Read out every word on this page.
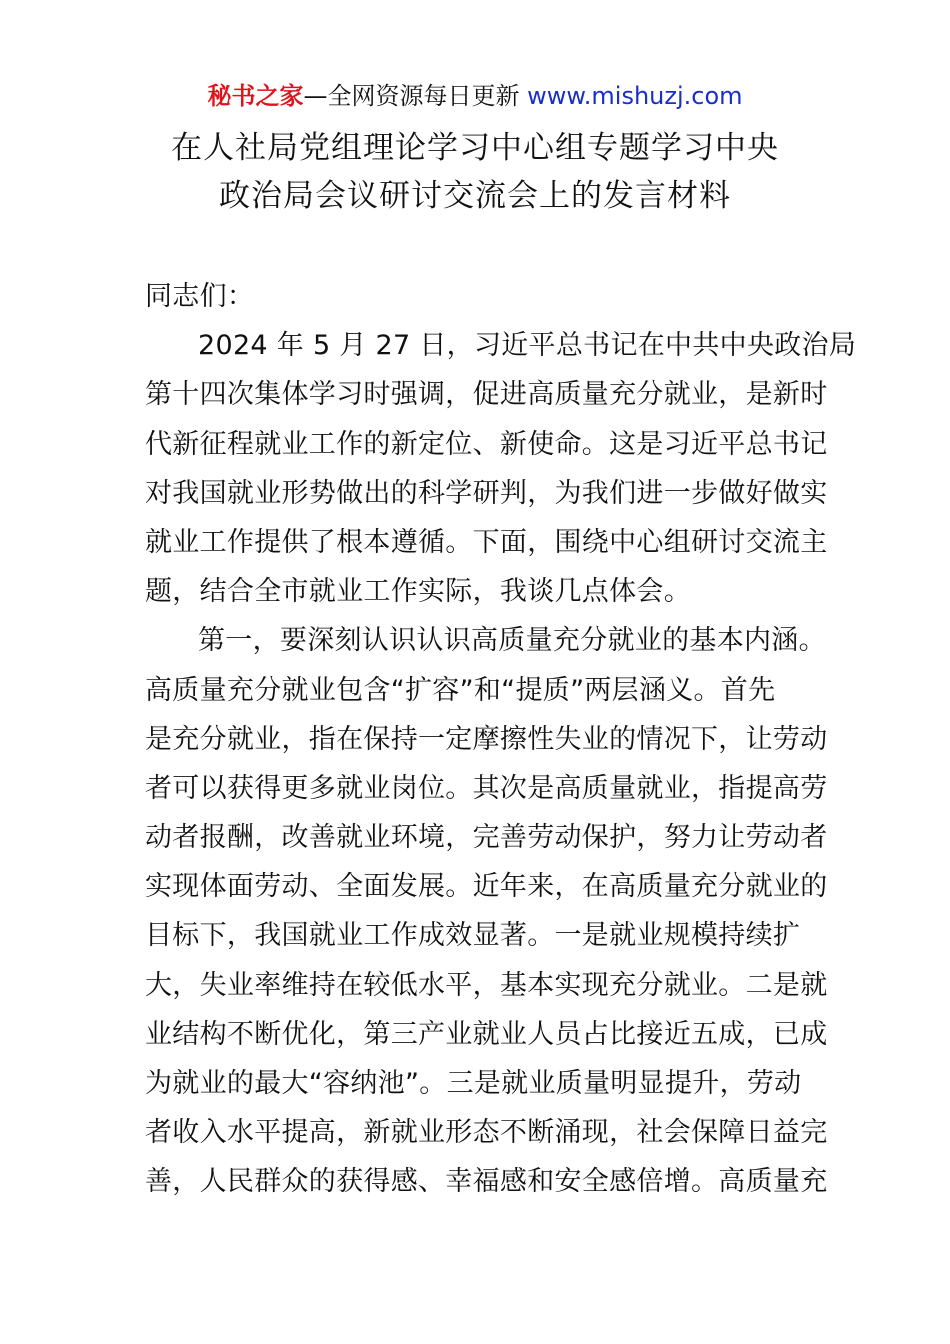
秘书之家—全网资源每日更新 www.mishuzj.com
在人社局党组理论学习中心组专题学习中央
政治局会议研讨交流会上的发言材料
同志们：
2024 年 5 月 27 日，习近平总书记在中共中央政治局
第十四次集体学习时强调，促进高质量充分就业，是新时
代新征程就业工作的新定位、新使命。这是习近平总书记
对我国就业形势做出的科学研判，为我们进一步做好做实
就业工作提供了根本遵循。下面，围绕中心组研讨交流主
题，结合全市就业工作实际，我谈几点体会。
第一，要深刻认识认识高质量充分就业的基本内涵。
高质量充分就业包含“扩容”和“提质”两层涵义。首先
是充分就业，指在保持一定摩擦性失业的情况下，让劳动
者可以获得更多就业岗位。其次是高质量就业，指提高劳
动者报酬，改善就业环境，完善劳动保护，努力让劳动者
实现体面劳动、全面发展。近年来，在高质量充分就业的
目标下，我国就业工作成效显著。一是就业规模持续扩
大，失业率维持在较低水平，基本实现充分就业。二是就
业结构不断优化，第三产业就业人员占比接近五成，已成
为就业的最大“容纳池”。三是就业质量明显提升，劳动
者收入水平提高，新就业形态不断涌现，社会保障日益完
善，人民群众的获得感、幸福感和安全感倍增。高质量充
